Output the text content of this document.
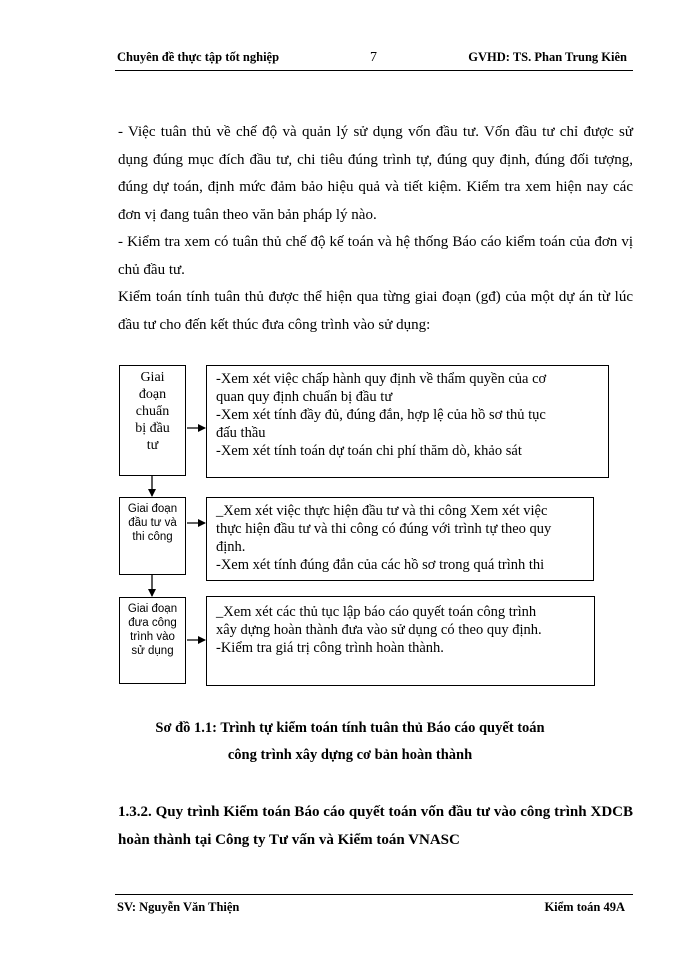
Chuyên đề thực tập tốt nghiệp	7	GVHD: TS. Phan Trung Kiên

- Việc tuân thủ về chế độ và quản lý sử dụng vốn đầu tư. Vốn đầu tư chỉ được sử dụng đúng mục đích đầu tư, chi tiêu đúng trình tự, đúng quy định, đúng đối tượng, đúng dự toán, định mức đảm bảo hiệu quả và tiết kiệm. Kiểm tra xem hiện nay các đơn vị đang tuân theo văn bản pháp lý nào.

- Kiểm tra xem có tuân thủ chế độ kế toán và hệ thống Báo cáo kiểm toán của đơn vị chủ đầu tư.

Kiểm toán tính tuân thủ được thể hiện qua từng giai đoạn (gđ) của một dự án từ lúc đầu tư cho đến kết thúc đưa công trình vào sử dụng:

Giai
đoạn
chuẩn
bị đầu
tư
-Xem xét việc chấp hành quy định về thẩm quyền của cơ
quan quy định chuẩn bị đầu tư
-Xem xét tính đầy đủ, đúng đắn, hợp lệ của hồ sơ thủ tục
đấu thầu
-Xem xét tính toán dự toán chi phí thăm dò, khảo sát
Giai đoạn
đầu tư và
thi công
_Xem xét việc thực hiện đầu tư và thi công Xem xét việc
thực hiện đầu tư và thi công có đúng với trình tự theo quy
định.
-Xem xét tính đúng đắn của các hồ sơ trong quá trình thi
Giai đoạn
đưa công
trình vào
sử dụng
_Xem xét các thủ tục lập báo cáo quyết toán công trình
xây dựng hoàn thành đưa vào sử dụng có theo quy định.
-Kiểm tra giá trị công trình hoàn thành.
Sơ đồ 1.1: Trình tự kiểm toán tính tuân thủ Báo cáo quyết toán
công trình xây dựng cơ bản hoàn thành
1.3.2. Quy trình Kiểm toán Báo cáo quyết toán vốn đầu tư vào công trình XDCB hoàn thành tại Công ty Tư vấn và Kiểm toán VNASC
SV: Nguyễn Văn Thiện	Kiểm toán 49A
